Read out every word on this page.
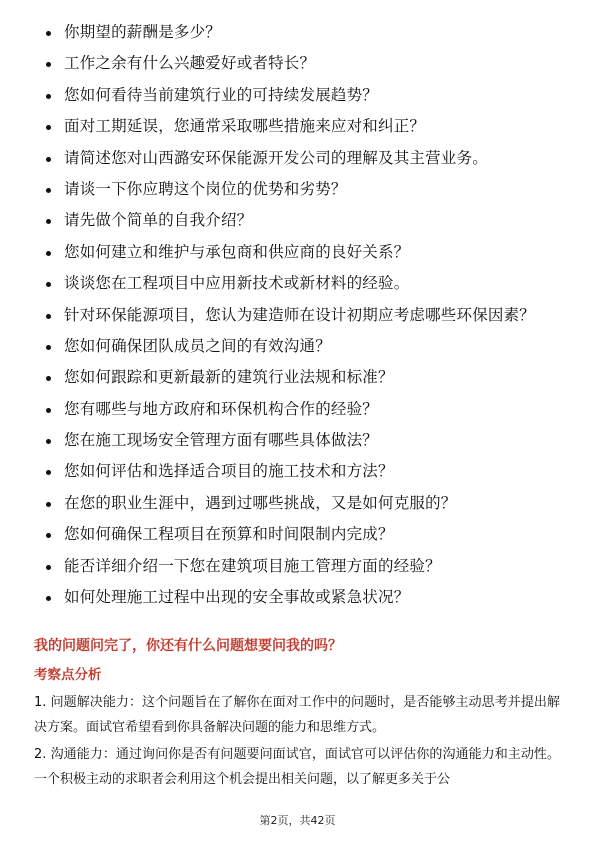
你期望的薪酬是多少？
工作之余有什么兴趣爱好或者特长？
您如何看待当前建筑行业的可持续发展趋势？
面对工期延误，您通常采取哪些措施来应对和纠正？
请简述您对山西潞安环保能源开发公司的理解及其主营业务。
请谈一下你应聘这个岗位的优势和劣势？
请先做个简单的自我介绍？
您如何建立和维护与承包商和供应商的良好关系？
谈谈您在工程项目中应用新技术或新材料的经验。
针对环保能源项目，您认为建造师在设计初期应考虑哪些环保因素？
您如何确保团队成员之间的有效沟通？
您如何跟踪和更新最新的建筑行业法规和标准？
您有哪些与地方政府和环保机构合作的经验？
您在施工现场安全管理方面有哪些具体做法？
您如何评估和选择适合项目的施工技术和方法？
在您的职业生涯中，遇到过哪些挑战，又是如何克服的？
您如何确保工程项目在预算和时间限制内完成？
能否详细介绍一下您在建筑项目施工管理方面的经验？
如何处理施工过程中出现的安全事故或紧急状况？

我的问题问完了，你还有什么问题想要问我的吗？

考察点分析

1. 问题解决能力：这个问题旨在了解你在面对工作中的问题时，是否能够主动思考并提出解决方案。面试官希望看到你具备解决问题的能力和思维方式。

2. 沟通能力：通过询问你是否有问题要问面试官，面试官可以评估你的沟通能力和主动性。一个积极主动的求职者会利用这个机会提出相关问题，以了解更多关于公

第2页，共42页
